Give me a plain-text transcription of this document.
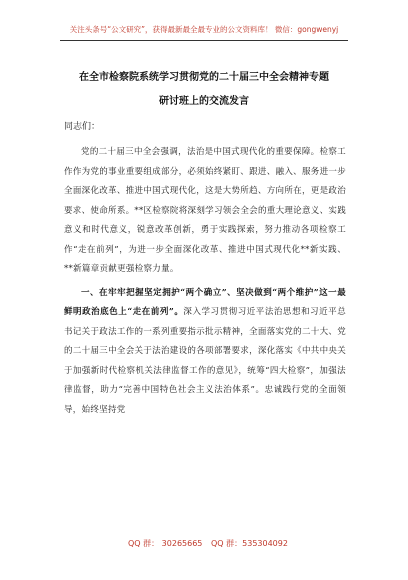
关注头条号“公文研究”，获得最新最全最专业的公文资料库！ 微信：gongwenyj
在全市检察院系统学习贯彻党的二十届三中全会精神专题
研讨班上的交流发言
同志们：

党的二十届三中全会强调，法治是中国式现代化的重要保障。检察工作作为党的事业重要组成部分，必须始终紧盯、跟进、融入、服务进一步全面深化改革、推进中国式现代化，这是大势所趋、方向所在，更是政治要求、使命所系。**区检察院将深刻学习领会全会的重大理论意义、实践意义和时代意义，锐意改革创新，勇于实践探索，努力推动各项检察工作“走在前列”，为进一步全面深化改革、推进中国式现代化**新实践、**新篇章贡献更强检察力量。

一、在牢牢把握坚定拥护“两个确立”、坚决做到“两个维护”这一最鲜明政治底色上“走在前列”。深入学习贯彻习近平法治思想和习近平总书记关于政法工作的一系列重要指示批示精神，全面落实党的二十大、党的二十届三中全会关于法治建设的各项部署要求，深化落实《中共中央关于加强新时代检察机关法律监督工作的意见》，统筹“四大检察”，加强法律监督，助力“完善中国特色社会主义法治体系”。忠诚践行党的全面领导，始终坚持党

QQ 群： 30265665 QQ 群：535304092
